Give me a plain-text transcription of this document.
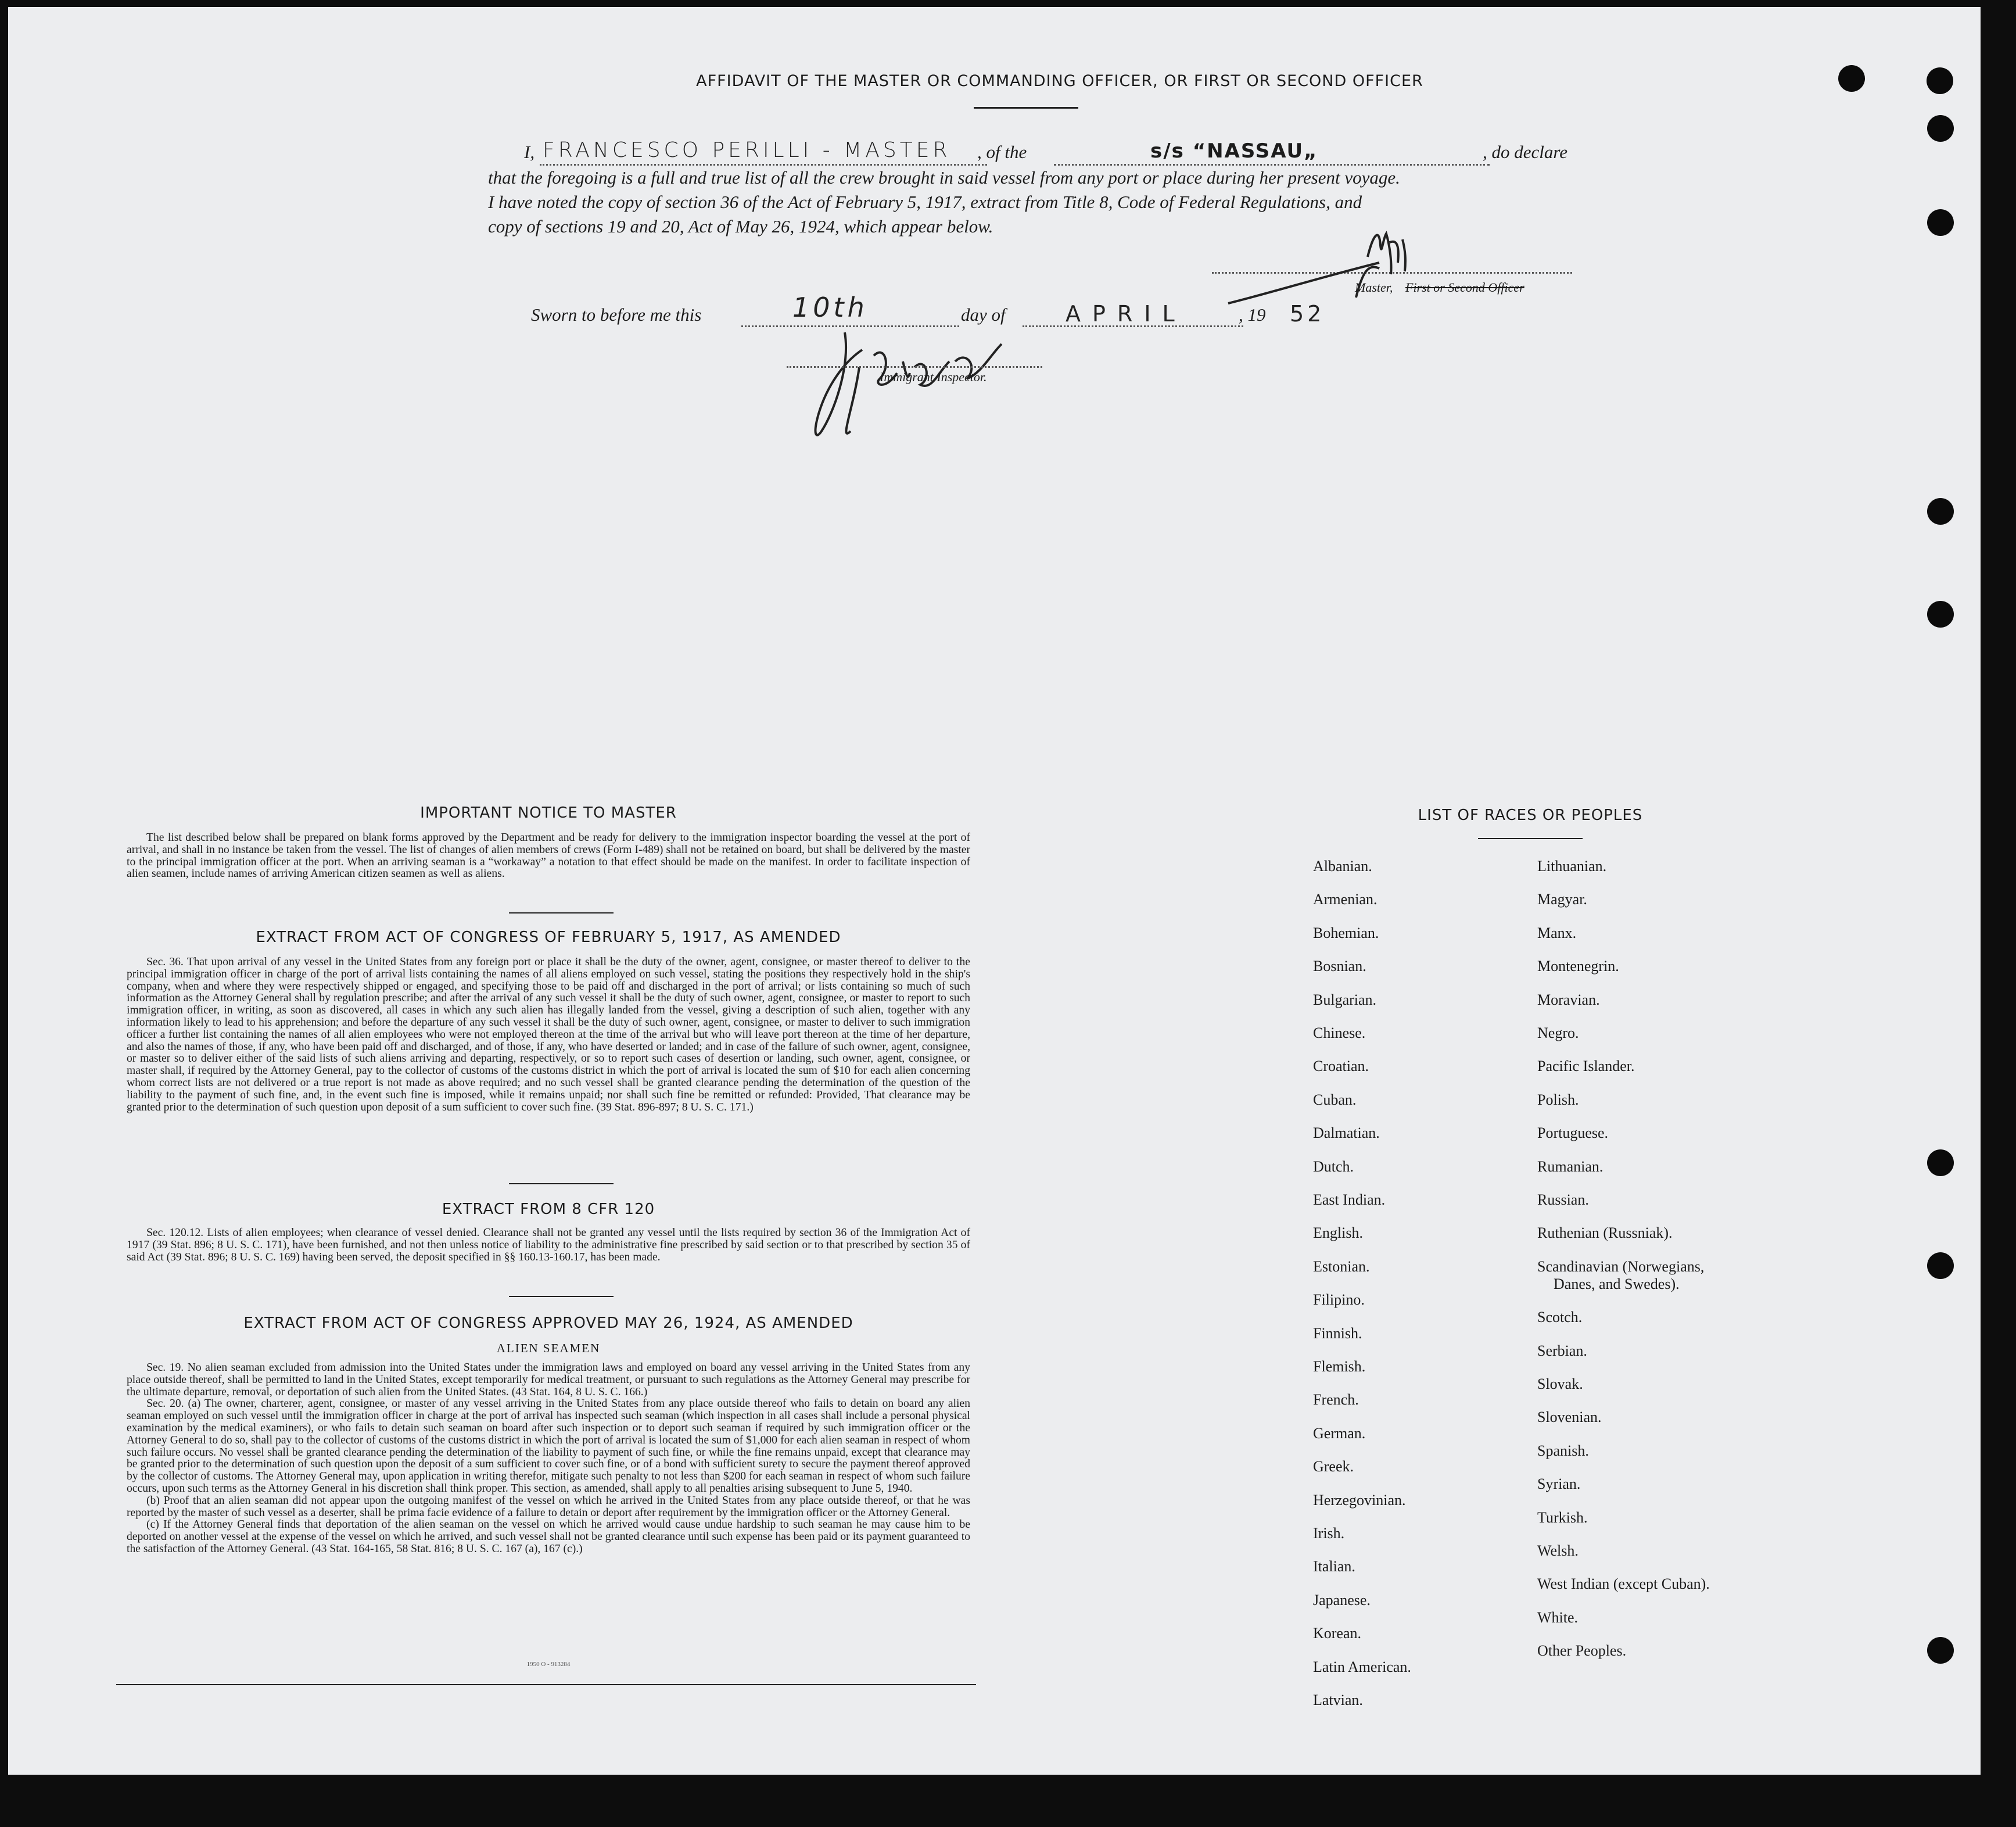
AFFIDAVIT OF THE MASTER OR COMMANDING OFFICER, OR FIRST OR SECOND OFFICER
I, FRANCESCO PERILLI - MASTER , of the	s/s “NASSAU„	, do declare
that the foregoing is a full and true list of all the crew brought in said vessel from any port or place during her present voyage.
I have noted the copy of section 36 of the Act of February 5, 1917, extract from Title 8, Code of Federal Regulations, and
copy of sections 19 and 20, Act of May 26, 1924, which appear below.
Master, First or Second Officer
Sworn to before me this	10th	day of	APRIL	, 19 52
Immigrant Inspector.
IMPORTANT NOTICE TO MASTER

The list described below shall be prepared on blank forms approved by the Department and be ready for delivery to the immigration inspector boarding the vessel at the port of arrival, and shall in no instance be taken from the vessel. The list of changes of alien members of crews (Form I-489) shall not be retained on board, but shall be delivered by the master to the principal immigration officer at the port. When an arriving seaman is a “workaway” a notation to that effect should be made on the manifest. In order to facilitate inspection of alien seamen, include names of arriving American citizen seamen as well as aliens.

EXTRACT FROM ACT OF CONGRESS OF FEBRUARY 5, 1917, AS AMENDED

Sec. 36. That upon arrival of any vessel in the United States from any foreign port or place it shall be the duty of the owner, agent, consignee, or master thereof to deliver to the principal immigration officer in charge of the port of arrival lists containing the names of all aliens employed on such vessel, stating the positions they respectively hold in the ship's company, when and where they were respectively shipped or engaged, and specifying those to be paid off and discharged in the port of arrival; or lists containing so much of such information as the Attorney General shall by regulation prescribe; and after the arrival of any such vessel it shall be the duty of such owner, agent, consignee, or master to report to such immigration officer, in writing, as soon as discovered, all cases in which any such alien has illegally landed from the vessel, giving a description of such alien, together with any information likely to lead to his apprehension; and before the departure of any such vessel it shall be the duty of such owner, agent, consignee, or master to deliver to such immigration officer a further list containing the names of all alien employees who were not employed thereon at the time of the arrival but who will leave port thereon at the time of her departure, and also the names of those, if any, who have been paid off and discharged, and of those, if any, who have deserted or landed; and in case of the failure of such owner, agent, consignee, or master so to deliver either of the said lists of such aliens arriving and departing, respectively, or so to report such cases of desertion or landing, such owner, agent, consignee, or master shall, if required by the Attorney General, pay to the collector of customs of the customs district in which the port of arrival is located the sum of $10 for each alien concerning whom correct lists are not delivered or a true report is not made as above required; and no such vessel shall be granted clearance pending the determination of the question of the liability to the payment of such fine, and, in the event such fine is imposed, while it remains unpaid; nor shall such fine be remitted or refunded: Provided, That clearance may be granted prior to the determination of such question upon deposit of a sum sufficient to cover such fine. (39 Stat. 896-897; 8 U. S. C. 171.)

EXTRACT FROM 8 CFR 120

Sec. 120.12. Lists of alien employees; when clearance of vessel denied. Clearance shall not be granted any vessel until the lists required by section 36 of the Immigration Act of 1917 (39 Stat. 896; 8 U. S. C. 171), have been furnished, and not then unless notice of liability to the administrative fine prescribed by said section or to that prescribed by section 35 of said Act (39 Stat. 896; 8 U. S. C. 169) having been served, the deposit specified in §§ 160.13-160.17, has been made.

EXTRACT FROM ACT OF CONGRESS APPROVED MAY 26, 1924, AS AMENDED
ALIEN SEAMEN

Sec. 19. No alien seaman excluded from admission into the United States under the immigration laws and employed on board any vessel arriving in the United States from any place outside thereof, shall be permitted to land in the United States, except temporarily for medical treatment, or pursuant to such regulations as the Attorney General may prescribe for the ultimate departure, removal, or deportation of such alien from the United States. (43 Stat. 164, 8 U. S. C. 166.)

Sec. 20. (a) The owner, charterer, agent, consignee, or master of any vessel arriving in the United States from any place outside thereof who fails to detain on board any alien seaman employed on such vessel until the immigration officer in charge at the port of arrival has inspected such seaman (which inspection in all cases shall include a personal physical examination by the medical examiners), or who fails to detain such seaman on board after such inspection or to deport such seaman if required by such immigration officer or the Attorney General to do so, shall pay to the collector of customs of the customs district in which the port of arrival is located the sum of $1,000 for each alien seaman in respect of whom such failure occurs. No vessel shall be granted clearance pending the determination of the liability to payment of such fine, or while the fine remains unpaid, except that clearance may be granted prior to the determination of such question upon the deposit of a sum sufficient to cover such fine, or of a bond with sufficient surety to secure the payment thereof approved by the collector of customs. The Attorney General may, upon application in writing therefor, mitigate such penalty to not less than $200 for each seaman in respect of whom such failure occurs, upon such terms as the Attorney General in his discretion shall think proper. This section, as amended, shall apply to all penalties arising subsequent to June 5, 1940.

(b) Proof that an alien seaman did not appear upon the outgoing manifest of the vessel on which he arrived in the United States from any place outside thereof, or that he was reported by the master of such vessel as a deserter, shall be prima facie evidence of a failure to detain or deport after requirement by the immigration officer or the Attorney General.

(c) If the Attorney General finds that deportation of the alien seaman on the vessel on which he arrived would cause undue hardship to such seaman he may cause him to be deported on another vessel at the expense of the vessel on which he arrived, and such vessel shall not be granted clearance until such expense has been paid or its payment guaranteed to the satisfaction of the Attorney General. (43 Stat. 164-165, 58 Stat. 816; 8 U. S. C. 167 (a), 167 (c).)

1950 O - 913284
LIST OF RACES OR PEOPLES
Albanian.
Armenian.
Bohemian.
Bosnian.
Bulgarian.
Chinese.
Croatian.
Cuban.
Dalmatian.
Dutch.
East Indian.
English.
Estonian.
Filipino.
Finnish.
Flemish.
French.
German.
Greek.
Herzegovinian.
Irish.
Italian.
Japanese.
Korean.
Latin American.
Latvian.
Lithuanian.
Magyar.
Manx.
Montenegrin.
Moravian.
Negro.
Pacific Islander.
Polish.
Portuguese.
Rumanian.
Russian.
Ruthenian (Russniak).
Scandinavian (Norwegians,
Danes, and Swedes).
Scotch.
Serbian.
Slovak.
Slovenian.
Spanish.
Syrian.
Turkish.
Welsh.
West Indian (except Cuban).
White.
Other Peoples.
